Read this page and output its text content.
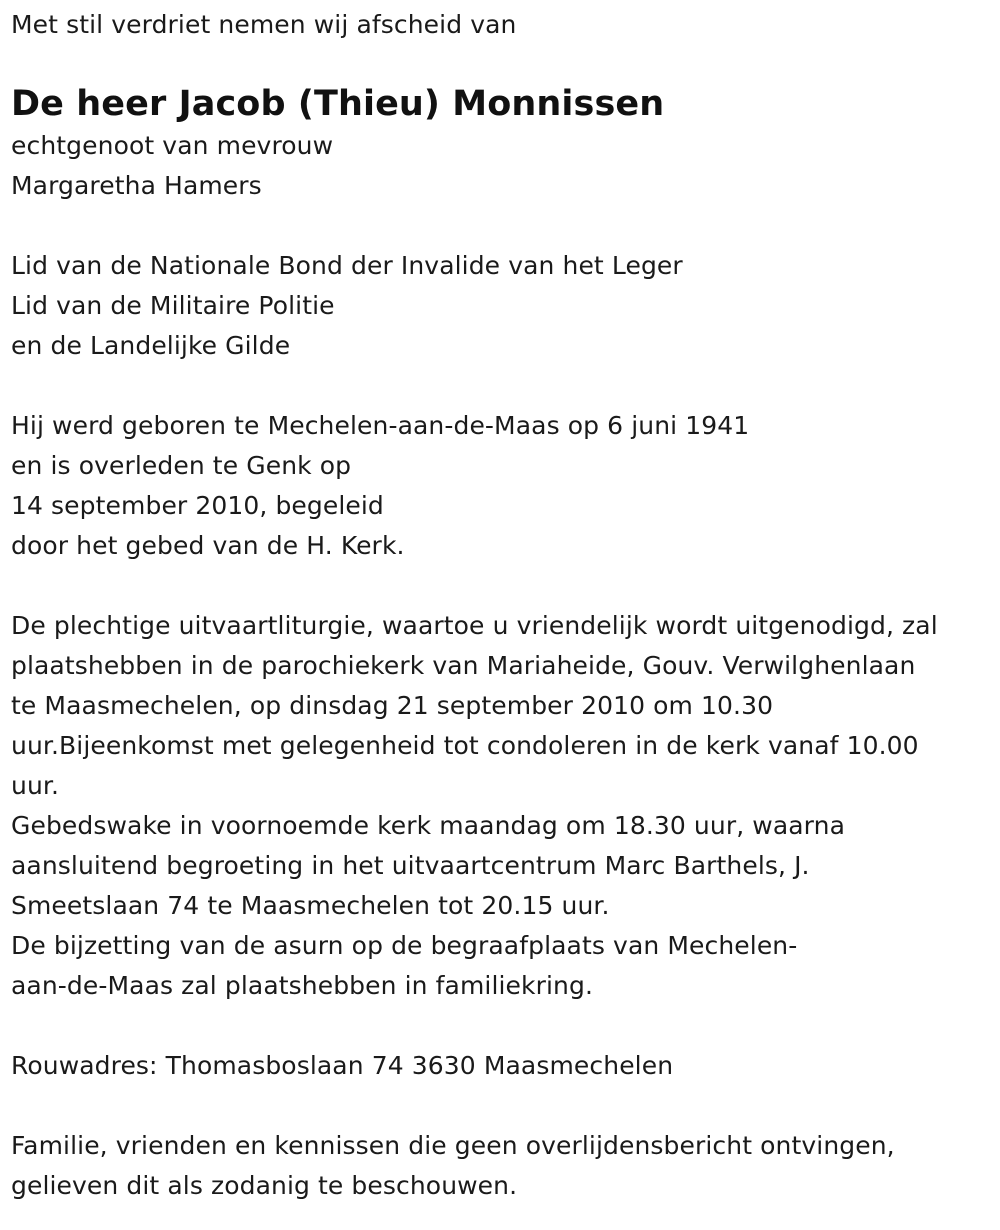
Met stil verdriet nemen wij afscheid van
De heer Jacob (Thieu) Monnissen
echtgenoot van mevrouw
Margaretha Hamers
Lid van de Nationale Bond der Invalide van het Leger
Lid van de Militaire Politie
en de Landelijke Gilde
Hij werd geboren te Mechelen-aan-de-Maas op 6 juni 1941
en is overleden te Genk op
14 september 2010, begeleid
door het gebed van de H. Kerk.
De plechtige uitvaartliturgie, waartoe u vriendelijk wordt uitgenodigd, zal
plaatshebben in de parochiekerk van Mariaheide, Gouv. Verwilghenlaan
te Maasmechelen, op dinsdag 21 september 2010 om 10.30
uur.Bijeenkomst met gelegenheid tot condoleren in de kerk vanaf 10.00
uur.
Gebedswake in voornoemde kerk maandag om 18.30 uur, waarna
aansluitend begroeting in het uitvaartcentrum Marc Barthels, J.
Smeetslaan 74 te Maasmechelen tot 20.15 uur.
De bijzetting van de asurn op de begraafplaats van Mechelen-
aan-de-Maas zal plaatshebben in familiekring.
Rouwadres: Thomasboslaan 74 3630 Maasmechelen
Familie, vrienden en kennissen die geen overlijdensbericht ontvingen,
gelieven dit als zodanig te beschouwen.
